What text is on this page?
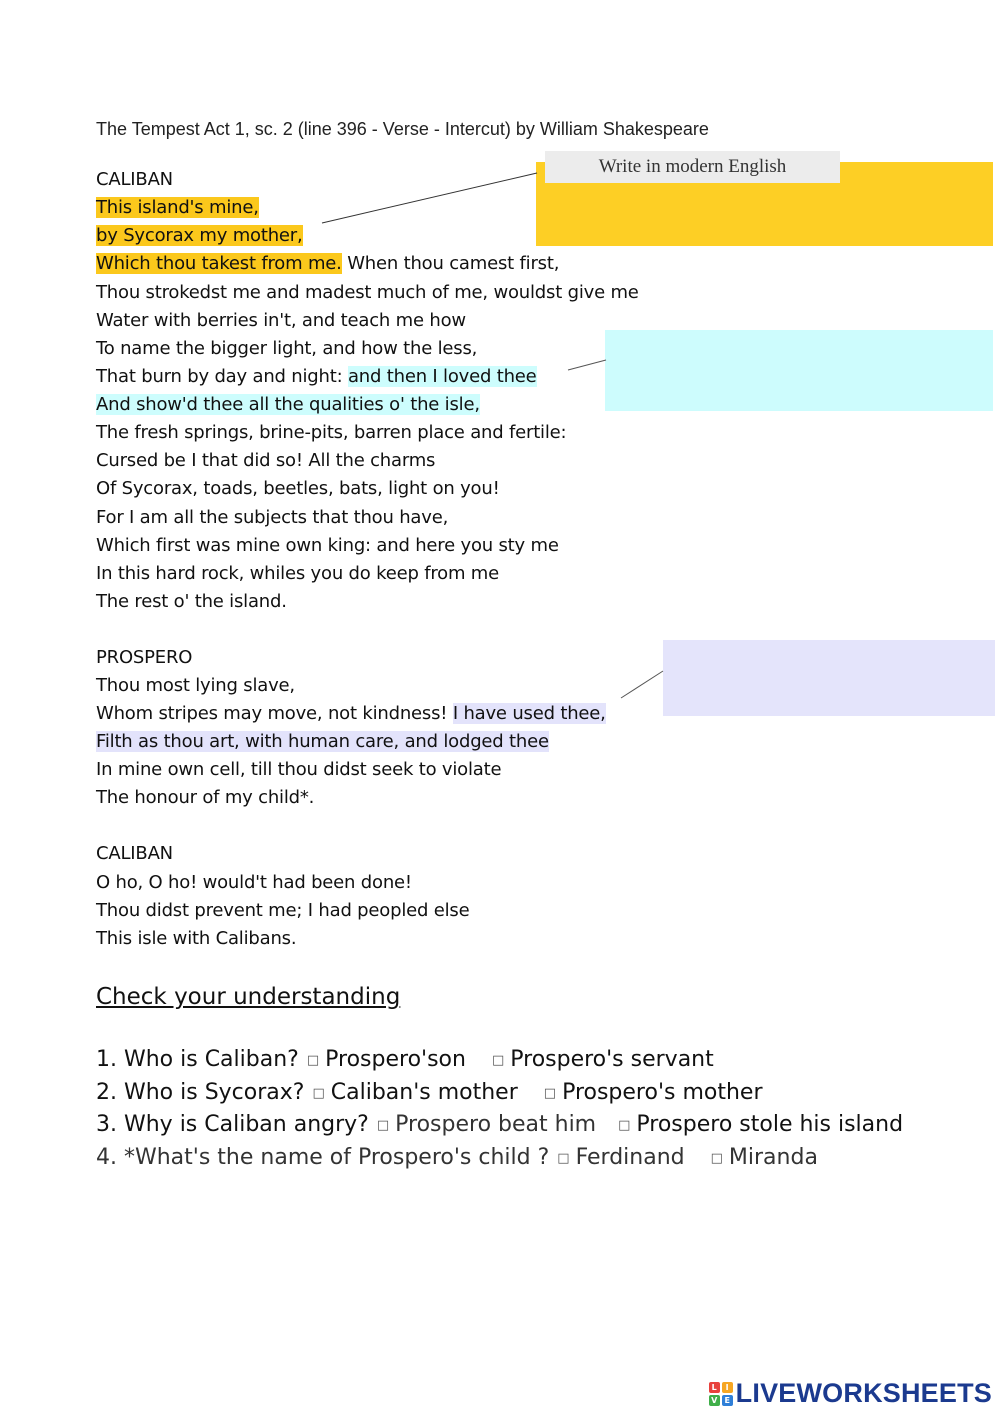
The Tempest Act 1, sc. 2 (line 396 - Verse - Intercut) by William Shakespeare
Write in modern English
CALIBAN
This island's mine,
by Sycorax my mother,
Which thou takest from me. When thou camest first,
Thou strokedst me and madest much of me, wouldst give me
Water with berries in't, and teach me how
To name the bigger light, and how the less,
That burn by day and night: and then I loved thee
And show'd thee all the qualities o' the isle,
The fresh springs, brine-pits, barren place and fertile:
Cursed be I that did so! All the charms
Of Sycorax, toads, beetles, bats, light on you!
For I am all the subjects that thou have,
Which first was mine own king: and here you sty me
In this hard rock, whiles you do keep from me
The rest o' the island.
PROSPERO
Thou most lying slave,
Whom stripes may move, not kindness! I have used thee,
Filth as thou art, with human care, and lodged thee
In mine own cell, till thou didst seek to violate
The honour of my child*.
CALIBAN
O ho, O ho! would't had been done!
Thou didst prevent me; I had peopled else
This isle with Calibans.
Check your understanding
1. Who is Caliban? □ Prospero'son □ Prospero's servant
2. Who is Sycorax? □ Caliban's mother □ Prospero's mother
3. Why is Caliban angry? □ Prospero beat him □ Prospero stole his island
4. *What's the name of Prospero's child ? □ Ferdinand □ Miranda
L	I
V E LIVEWORKSHEETS
